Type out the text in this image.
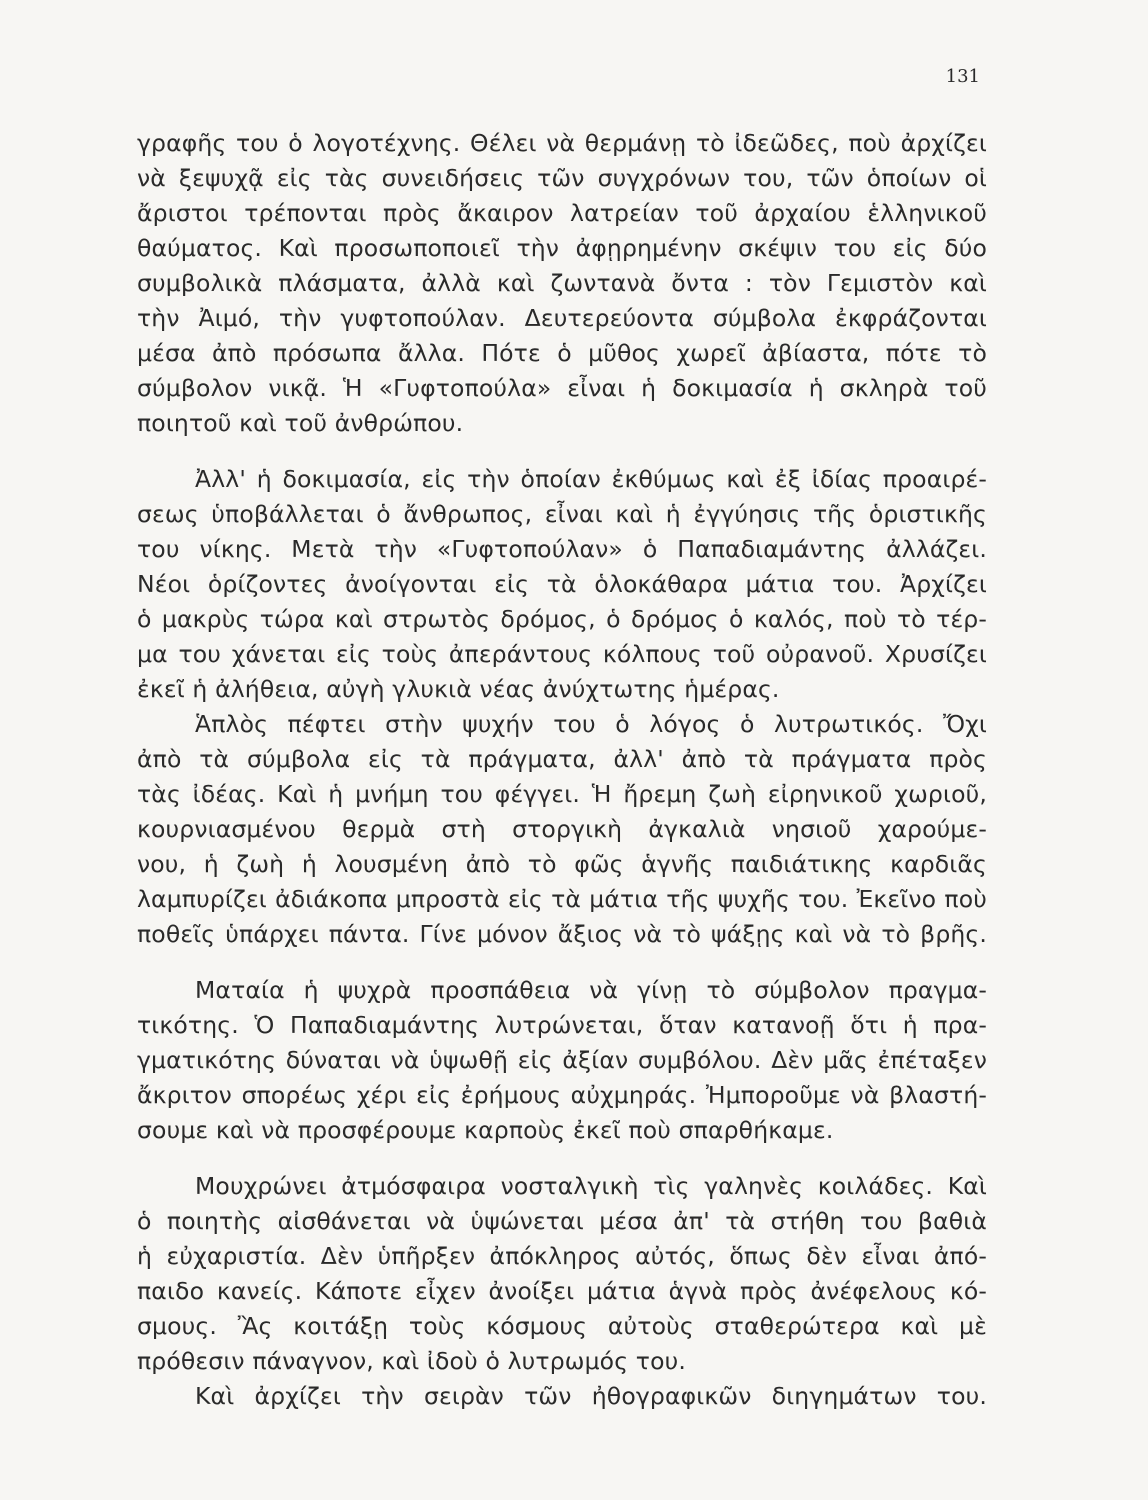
131
γραφῆς του ὁ λογοτέχνης. Θέλει νὰ θερμάνῃ τὸ ἰδεῶδες, ποὺ ἀρχίζει
νὰ ξεψυχᾷ εἰς τὰς συνειδήσεις τῶν συγχρόνων του, τῶν ὁποίων οἱ
ἄριστοι τρέπονται πρὸς ἄκαιρον λατρείαν τοῦ ἀρχαίου ἑλληνικοῦ
θαύματος. Καὶ προσωποποιεῖ τὴν ἀφῃρημένην σκέψιν του εἰς δύο
συμβολικὰ πλάσματα, ἀλλὰ καὶ ζωντανὰ ὄντα : τὸν Γεμιστὸν καὶ
τὴν Ἀιμό, τὴν γυφτοπούλαν. Δευτερεύοντα σύμβολα ἐκφράζονται
μέσα ἀπὸ πρόσωπα ἄλλα. Πότε ὁ μῦθος χωρεῖ ἀβίαστα, πότε τὸ
σύμβολον νικᾷ. Ἡ «Γυφτοπούλα» εἶναι ἡ δοκιμασία ἡ σκληρὰ τοῦ
ποιητοῦ καὶ τοῦ ἀνθρώπου.
Ἀλλ' ἡ δοκιμασία, εἰς τὴν ὁποίαν ἐκθύμως καὶ ἐξ ἰδίας προαιρέ-
σεως ὑποβάλλεται ὁ ἄνθρωπος, εἶναι καὶ ἡ ἐγγύησις τῆς ὁριστικῆς
του νίκης. Μετὰ τὴν «Γυφτοπούλαν» ὁ Παπαδιαμάντης ἀλλάζει.
Νέοι ὁρίζοντες ἀνοίγονται εἰς τὰ ὁλοκάθαρα μάτια του. Ἀρχίζει
ὁ μακρὺς τώρα καὶ στρωτὸς δρόμος, ὁ δρόμος ὁ καλός, ποὺ τὸ τέρ-
μα του χάνεται εἰς τοὺς ἀπεράντους κόλπους τοῦ οὐρανοῦ. Χρυσίζει
ἐκεῖ ἡ ἀλήθεια, αὐγὴ γλυκιὰ νέας ἀνύχτωτης ἡμέρας.
Ἁπλὸς πέφτει στὴν ψυχήν του ὁ λόγος ὁ λυτρωτικός. Ὄχι
ἀπὸ τὰ σύμβολα εἰς τὰ πράγματα, ἀλλ' ἀπὸ τὰ πράγματα πρὸς
τὰς ἰδέας. Καὶ ἡ μνήμη του φέγγει. Ἡ ἤρεμη ζωὴ εἰρηνικοῦ χωριοῦ,
κουρνιασμένου θερμὰ στὴ στοργικὴ ἀγκαλιὰ νησιοῦ χαρούμε-
νου, ἡ ζωὴ ἡ λουσμένη ἀπὸ τὸ φῶς ἁγνῆς παιδιάτικης καρδιᾶς
λαμπυρίζει ἀδιάκοπα μπροστὰ εἰς τὰ μάτια τῆς ψυχῆς του. Ἐκεῖνο ποὺ
ποθεῖς ὑπάρχει πάντα. Γίνε μόνον ἄξιος νὰ τὸ ψάξῃς καὶ νὰ τὸ βρῆς.
Ματαία ἡ ψυχρὰ προσπάθεια νὰ γίνῃ τὸ σύμβολον πραγμα-
τικότης. Ὁ Παπαδιαμάντης λυτρώνεται, ὅταν κατανοῇ ὅτι ἡ πρα-
γματικότης δύναται νὰ ὑψωθῇ εἰς ἀξίαν συμβόλου. Δὲν μᾶς ἐπέταξεν
ἄκριτον σπορέως χέρι εἰς ἐρήμους αὐχμηράς. Ἠμποροῦμε νὰ βλαστή-
σουμε καὶ νὰ προσφέρουμε καρποὺς ἐκεῖ ποὺ σπαρθήκαμε.
Μουχρώνει ἀτμόσφαιρα νοσταλγικὴ τὶς γαληνὲς κοιλάδες. Καὶ
ὁ ποιητὴς αἰσθάνεται νὰ ὑψώνεται μέσα ἀπ' τὰ στήθη του βαθιὰ
ἡ εὐχαριστία. Δὲν ὑπῆρξεν ἀπόκληρος αὐτός, ὅπως δὲν εἶναι ἀπό-
παιδο κανείς. Κάποτε εἶχεν ἀνοίξει μάτια ἁγνὰ πρὸς ἀνέφελους κό-
σμους. Ἂς κοιτάξῃ τοὺς κόσμους αὐτοὺς σταθερώτερα καὶ μὲ
πρόθεσιν πάναγνον, καὶ ἰδοὺ ὁ λυτρωμός του.
Καὶ ἀρχίζει τὴν σειρὰν τῶν ἠθογραφικῶν διηγημάτων του.
